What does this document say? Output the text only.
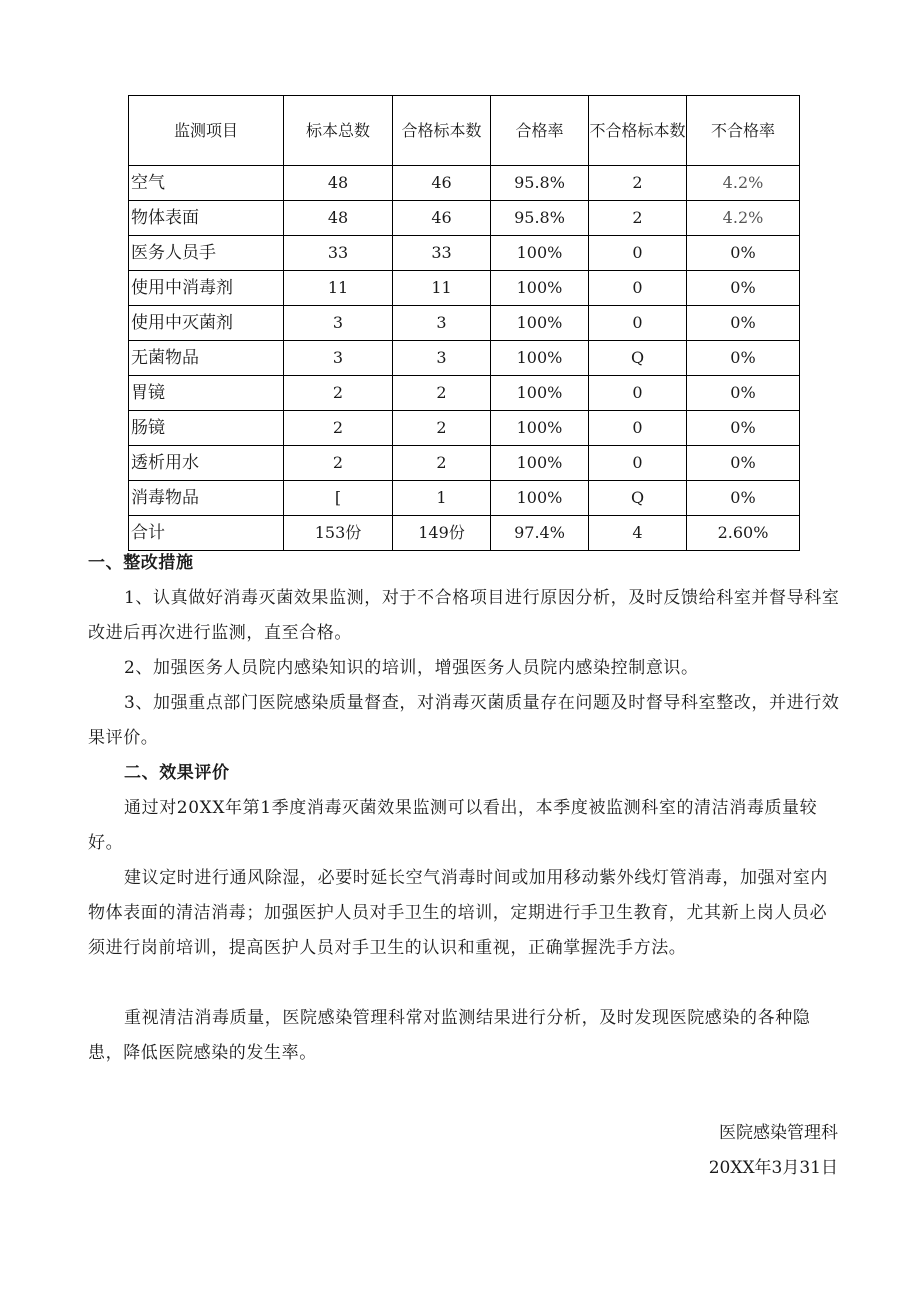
监测项目	标本总数	合格标本数	合格率	不合格标本数	不合格率
空气	48	46	95.8%	2	4.2%
物体表面	48	46	95.8%	2	4.2%
医务人员手	33	33	100%	0	0%
使用中消毒剂	11	11	100%	0	0%
使用中灭菌剂	3	3	100%	0	0%
无菌物品	3	3	100%	Q	0%
胃镜	2	2	100%	0	0%
肠镜	2	2	100%	0	0%
透析用水	2	2	100%	0	0%
消毒物品	[	1	100%	Q	0%
合计	153份	149份	97.4%	4	2.60%

一、整改措施

1、认真做好消毒灭菌效果监测，对于不合格项目进行原因分析，及时反馈给科室并督导科室改进后再次进行监测，直至合格。

2、加强医务人员院内感染知识的培训，增强医务人员院内感染控制意识。

3、加强重点部门医院感染质量督查，对消毒灭菌质量存在问题及时督导科室整改，并进行效果评价。

二、效果评价

通过对20XX年第1季度消毒灭菌效果监测可以看出，本季度被监测科室的清洁消毒质量较好。

建议定时进行通风除湿，必要时延长空气消毒时间或加用移动紫外线灯管消毒，加强对室内物体表面的清洁消毒；加强医护人员对手卫生的培训，定期进行手卫生教育，尤其新上岗人员必须进行岗前培训，提高医护人员对手卫生的认识和重视，正确掌握洗手方法。

重视清洁消毒质量，医院感染管理科常对监测结果进行分析，及时发现医院感染的各种隐患，降低医院感染的发生率。

医院感染管理科
20XX年3月31日
